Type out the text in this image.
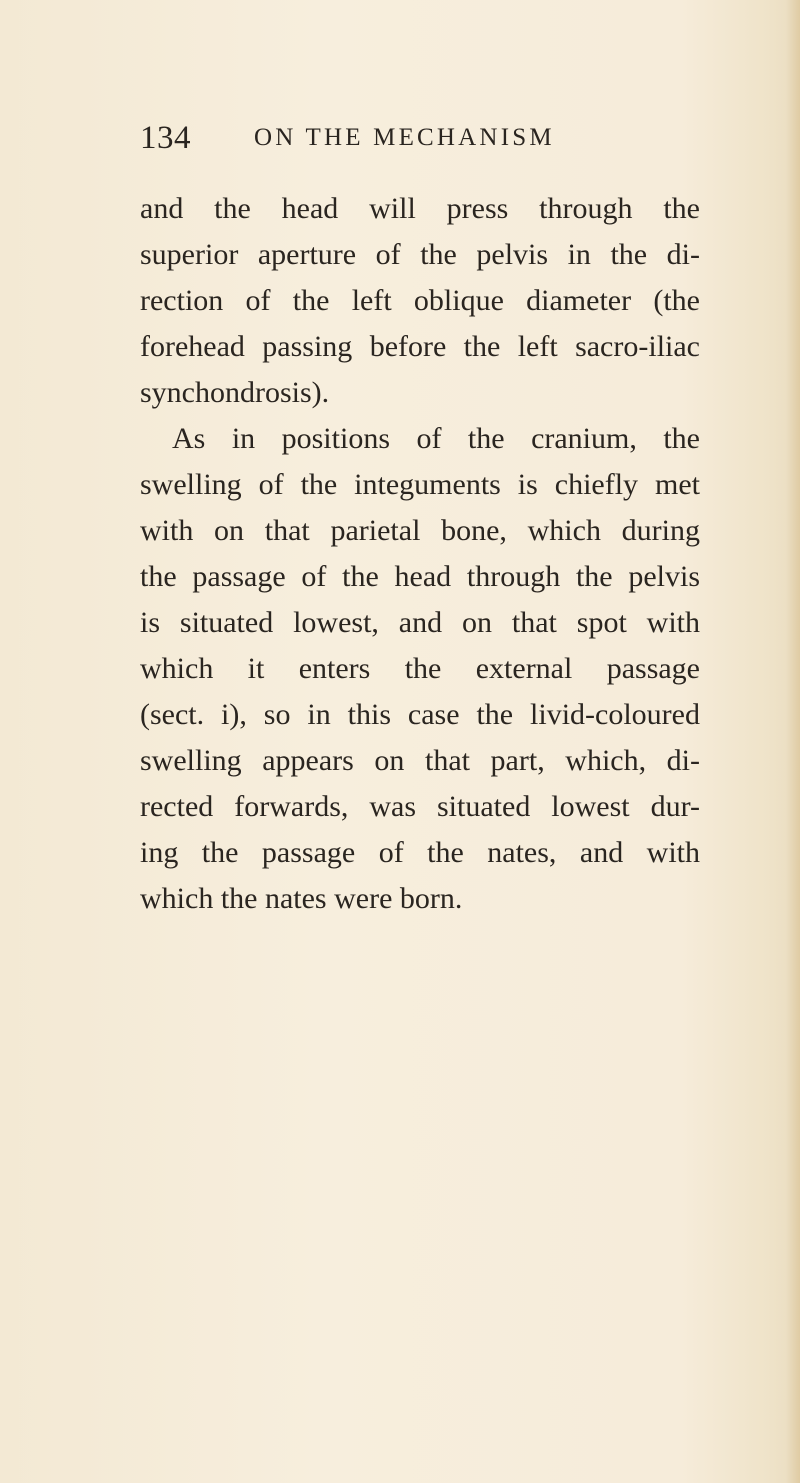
134	ON THE MECHANISM
and the head will press through the
superior aperture of the pelvis in the di-
rection of the left oblique diameter (the
forehead passing before the left sacro-iliac
synchondrosis).
As in positions of the cranium, the
swelling of the integuments is chiefly met
with on that parietal bone, which during
the passage of the head through the pelvis
is situated lowest, and on that spot with
which it enters the external passage
(sect. i), so in this case the livid-coloured
swelling appears on that part, which, di-
rected forwards, was situated lowest dur-
ing the passage of the nates, and with
which the nates were born.
